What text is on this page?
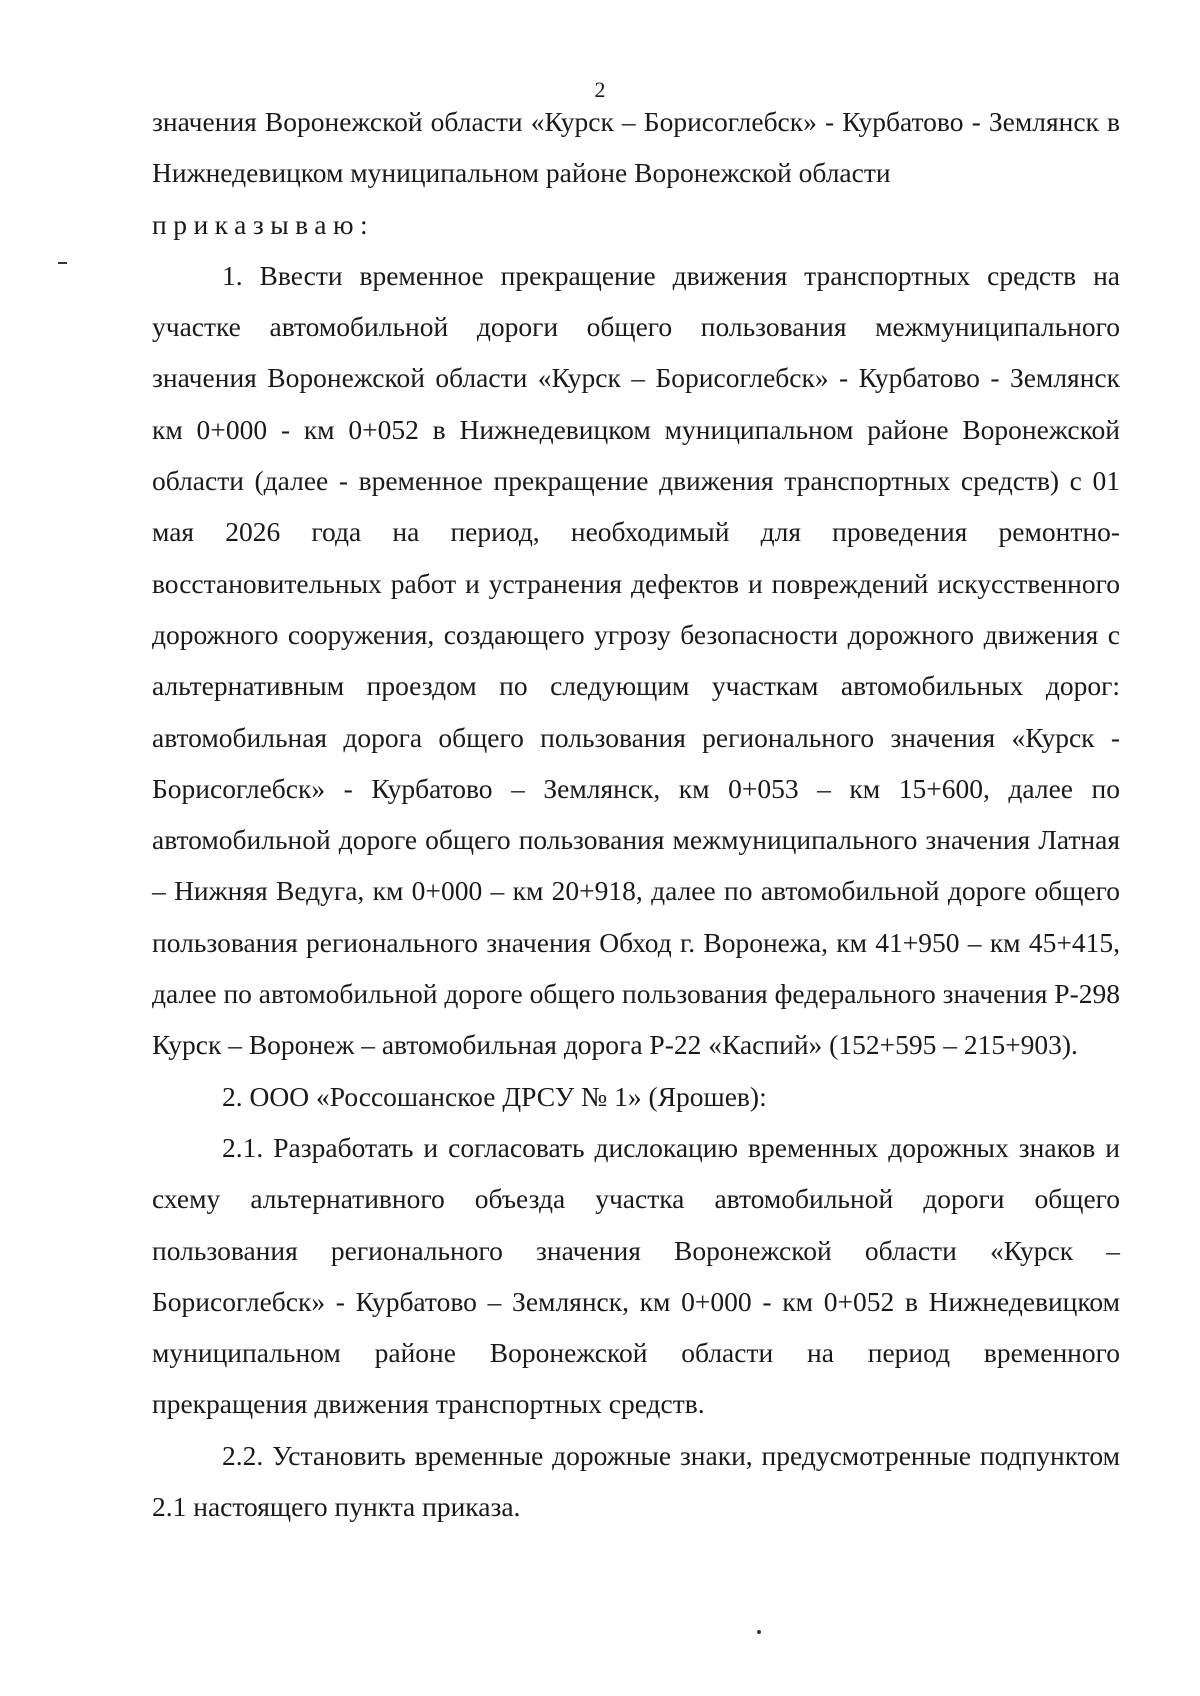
2

значения Воронежской области «Курск – Борисоглебск» - Курбатово - Землянск в Нижнедевицком муниципальном районе Воронежской области

приказываю:

1. Ввести временное прекращение движения транспортных средств на участке автомобильной дороги общего пользования межмуниципального значения Воронежской области «Курск – Борисоглебск» - Курбатово - Землянск км 0+000 - км 0+052 в Нижнедевицком муниципальном районе Воронежской области (далее - временное прекращение движения транспортных средств) с 01 мая 2026 года на период, необходимый для проведения ремонтно-восстановительных работ и устранения дефектов и повреждений искусственного дорожного сооружения, создающего угрозу безопасности дорожного движения с альтернативным проездом по следующим участкам автомобильных дорог: автомобильная дорога общего пользования регионального значения «Курск - Борисоглебск» - Курбатово – Землянск, км 0+053 – км 15+600, далее по автомобильной дороге общего пользования межмуниципального значения Латная – Нижняя Ведуга, км 0+000 – км 20+918, далее по автомобильной дороге общего пользования регионального значения Обход г. Воронежа, км 41+950 – км 45+415, далее по автомобильной дороге общего пользования федерального значения Р-298 Курск – Воронеж – автомобильная дорога Р-22 «Каспий» (152+595 – 215+903).

2. ООО «Россошанское ДРСУ № 1» (Ярошев):

2.1. Разработать и согласовать дислокацию временных дорожных знаков и схему альтернативного объезда участка автомобильной дороги общего пользования регионального значения Воронежской области «Курск – Борисоглебск» - Курбатово – Землянск, км 0+000 - км 0+052 в Нижнедевицком муниципальном районе Воронежской области на период временного прекращения движения транспортных средств.

2.2. Установить временные дорожные знаки, предусмотренные подпунктом 2.1 настоящего пункта приказа.
